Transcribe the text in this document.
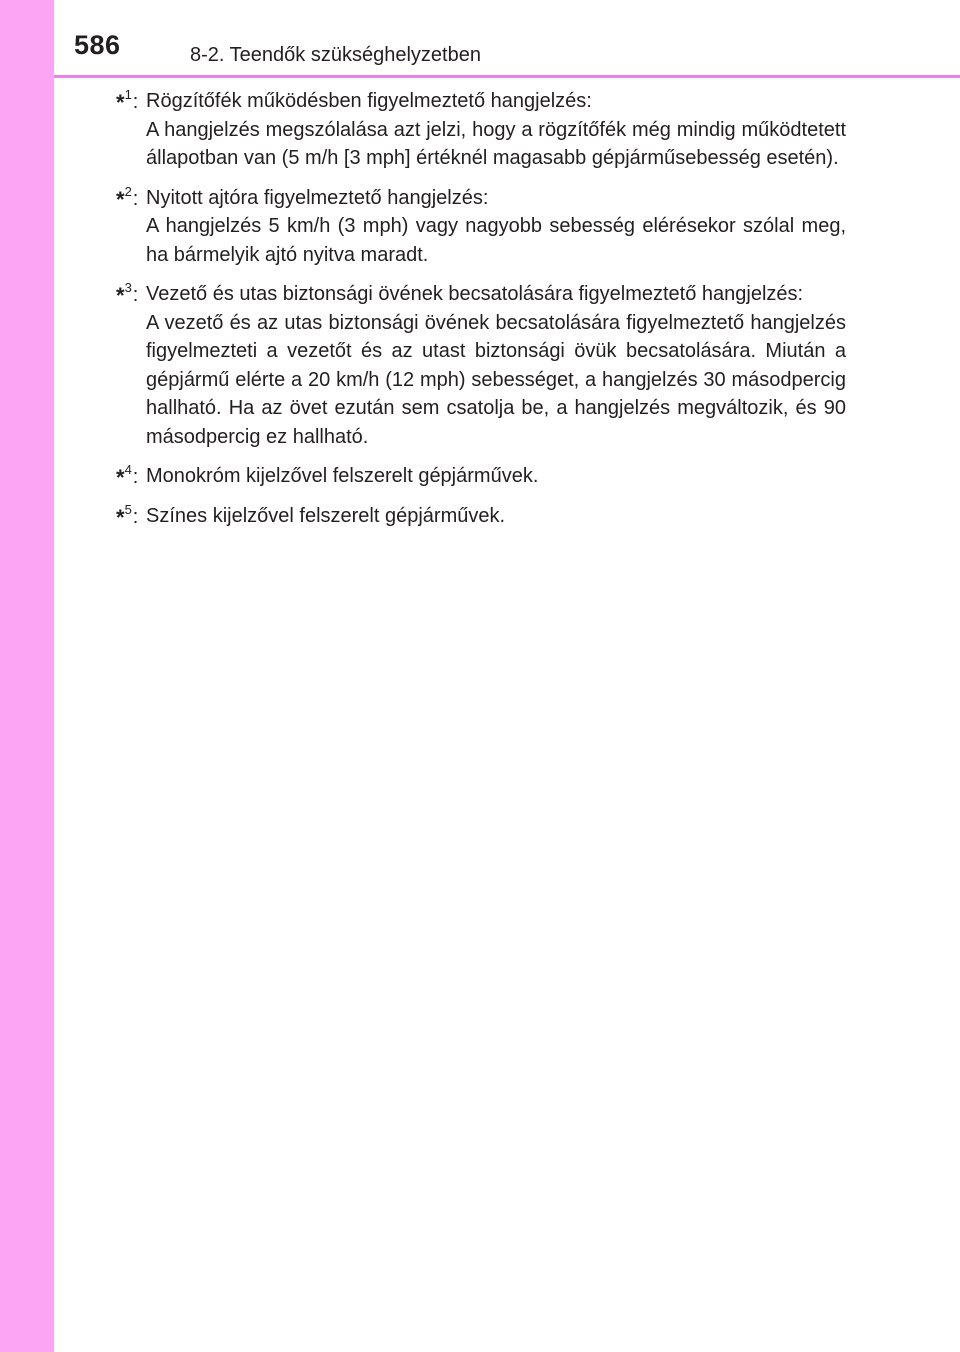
586	8-2. Teendők szükséghelyzetben
*$^1$: Rögzítőfék működésben figyelmeztető hangjelzés:
A hangjelzés megszólalása azt jelzi, hogy a rögzítőfék még mindig működtetett állapotban van (5 m/h [3 mph] értéknél magasabb gépjárműsebesség esetén).
*$^2$: Nyitott ajtóra figyelmeztető hangjelzés:
A hangjelzés 5 km/h (3 mph) vagy nagyobb sebesség elérésekor szólal meg, ha bármelyik ajtó nyitva maradt.
*$^3$: Vezető és utas biztonsági övének becsatolására figyelmeztető hangjelzés:
A vezető és az utas biztonsági övének becsatolására figyelmeztető hangjelzés figyelmezteti a vezetőt és az utast biztonsági övük becsatolására. Miután a gépjármű elérte a 20 km/h (12 mph) sebességet, a hangjelzés 30 másodpercig hallható. Ha az övet ezután sem csatolja be, a hangjelzés megváltozik, és 90 másodpercig ez hallható.
*$^4$: Monokróm kijelzővel felszerelt gépjárművek.
*$^5$: Színes kijelzővel felszerelt gépjárművek.
